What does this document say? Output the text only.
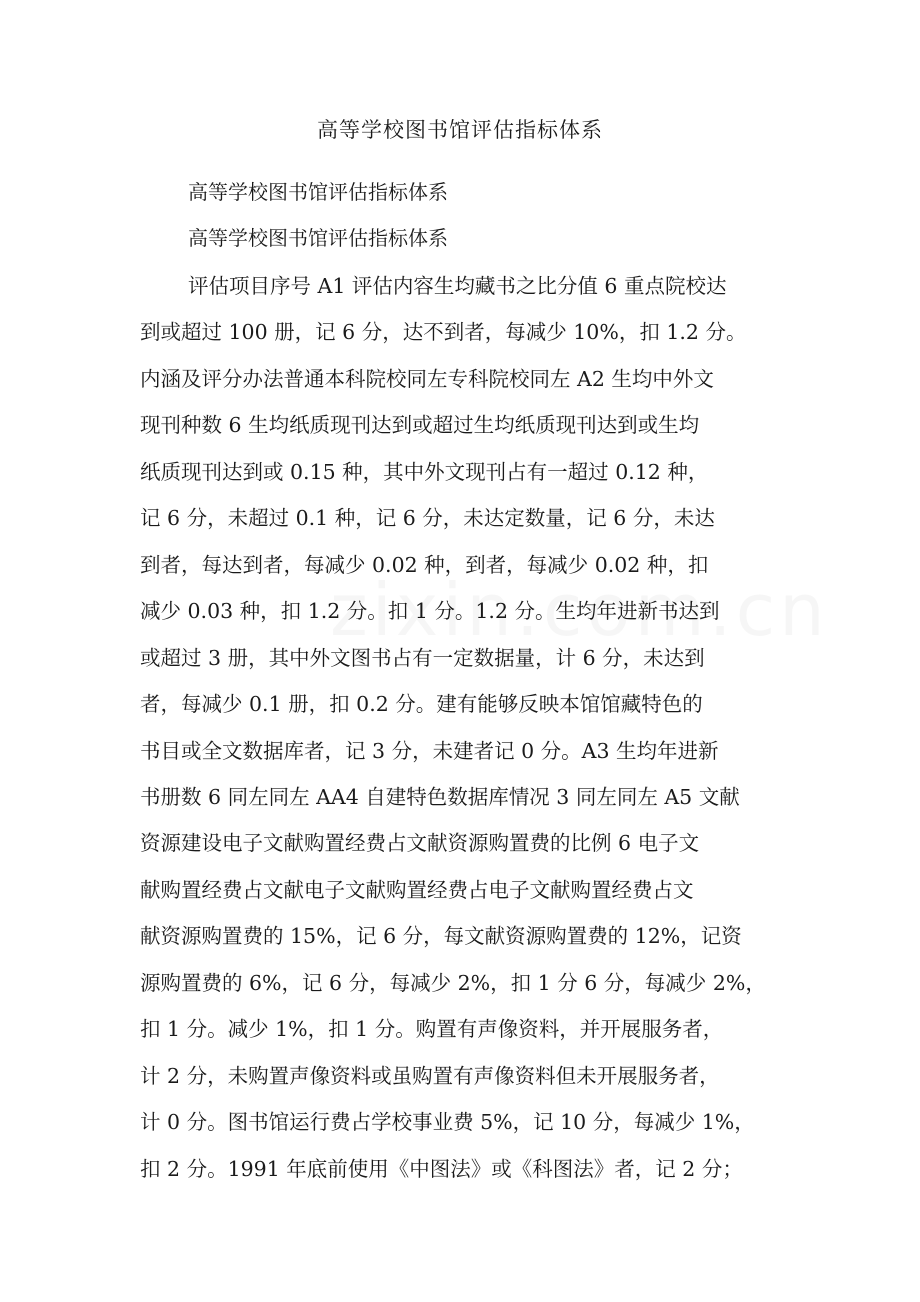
高等学校图书馆评估指标体系

高等学校图书馆评估指标体系

高等学校图书馆评估指标体系

评估项目序号 A1 评估内容生均藏书之比分值 6 重点院校达

到或超过 100 册，记 6 分，达不到者，每减少 10%，扣 1.2 分。

内涵及评分办法普通本科院校同左专科院校同左 A2 生均中外文

现刊种数 6 生均纸质现刊达到或超过生均纸质现刊达到或生均

纸质现刊达到或 0.15 种，其中外文现刊占有一超过 0.12 种，

记 6 分，未超过 0.1 种，记 6 分，未达定数量，记 6 分，未达

到者，每达到者，每减少 0.02 种，到者，每减少 0.02 种，扣

减少 0.03 种，扣 1.2 分。扣 1 分。1.2 分。生均年进新书达到

或超过 3 册，其中外文图书占有一定数据量，计 6 分，未达到

者，每减少 0.1 册，扣 0.2 分。建有能够反映本馆馆藏特色的

书目或全文数据库者，记 3 分，未建者记 0 分。A3 生均年进新

书册数 6 同左同左 AA4 自建特色数据库情况 3 同左同左 A5 文献

资源建设电子文献购置经费占文献资源购置费的比例 6 电子文

献购置经费占文献电子文献购置经费占电子文献购置经费占文

献资源购置费的 15%，记 6 分，每文献资源购置费的 12%，记资

源购置费的 6%，记 6 分，每减少 2%，扣 1 分 6 分，每减少 2%，

扣 1 分。减少 1%，扣 1 分。购置有声像资料，并开展服务者，

计 2 分，未购置声像资料或虽购置有声像资料但未开展服务者，

计 0 分。图书馆运行费占学校事业费 5%，记 10 分，每减少 1%，

扣 2 分。1991 年底前使用《中图法》或《科图法》者，记 2 分；
